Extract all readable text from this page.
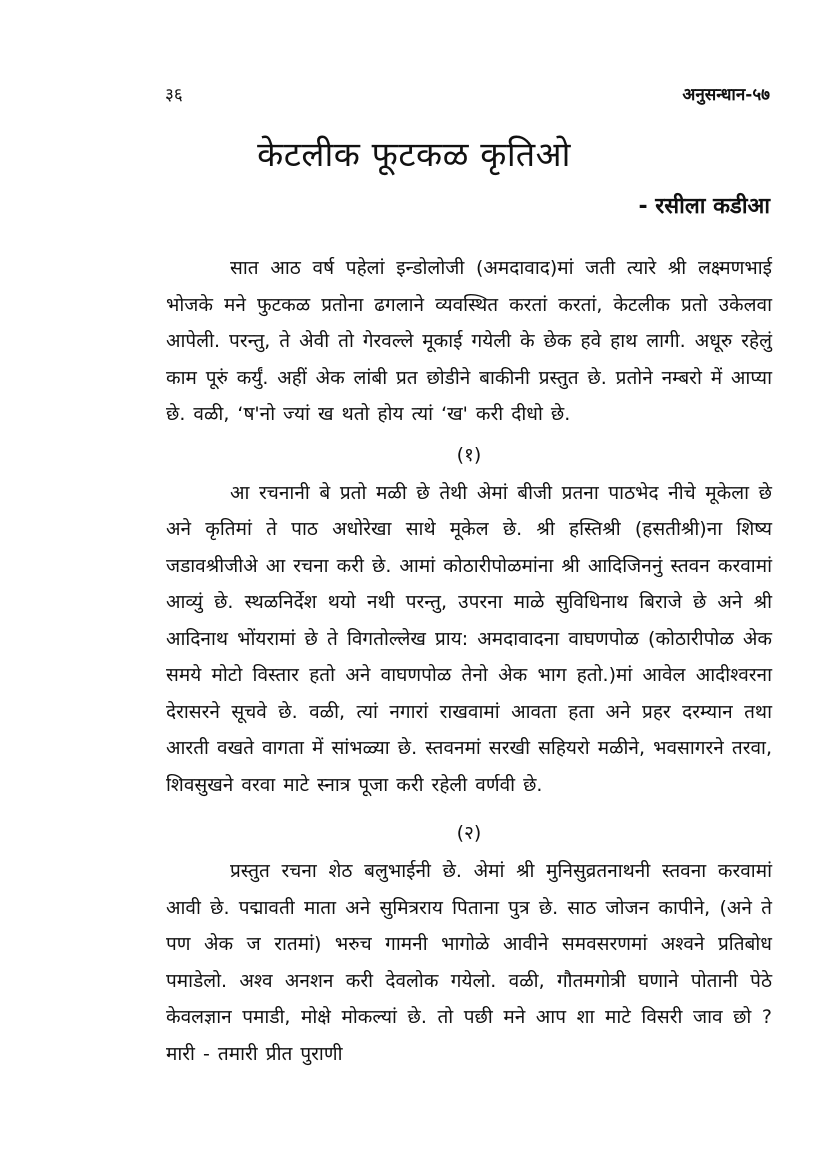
३६	अनुसन्धान-५७
केटलीक फूटकळ कृतिओ
- रसीला कडीआ

सात आठ वर्ष पहेलां इन्डोलोजी (अमदावाद)मां जती त्यारे श्री लक्ष्मणभाई भोजके मने फुटकळ प्रतोना ढगलाने व्यवस्थित करतां करतां, केटलीक प्रतो उकेलवा आपेली. परन्तु, ते अेवी तो गेरवल्ले मूकाई गयेली के छेक हवे हाथ लागी. अधूरु रहेलुं काम पूरुं कर्युं. अहीं अेक लांबी प्रत छोडीने बाकीनी प्रस्तुत छे. प्रतोने नम्बरो में आप्या छे. वळी, ‘ष'नो ज्यां ख थतो होय त्यां ‘ख' करी दीधो छे.

(१)

आ रचनानी बे प्रतो मळी छे तेथी अेमां बीजी प्रतना पाठभेद नीचे मूकेला छे अने कृतिमां ते पाठ अधोरेखा साथे मूकेल छे. श्री हस्तिश्री (हसतीश्री)ना शिष्य जडावश्रीजीअे आ रचना करी छे. आमां कोठारीपोळमांना श्री आदिजिननुं स्तवन करवामां आव्युं छे. स्थळनिर्देश थयो नथी परन्तु, उपरना माळे सुविधिनाथ बिराजे छे अने श्री आदिनाथ भोंयरामां छे ते विगतोल्लेख प्राय: अमदावादना वाघणपोळ (कोठारीपोळ अेक समये मोटो विस्तार हतो अने वाघणपोळ तेनो अेक भाग हतो.)मां आवेल आदीश्वरना देरासरने सूचवे छे. वळी, त्यां नगारां राखवामां आवता हता अने प्रहर दरम्यान तथा आरती वखते वागता में सांभळ्या छे. स्तवनमां सरखी सहियरो मळीने, भवसागरने तरवा, शिवसुखने वरवा माटे स्नात्र पूजा करी रहेली वर्णवी छे.

(२)

प्रस्तुत रचना शेठ बलुभाईनी छे. अेमां श्री मुनिसुव्रतनाथनी स्तवना करवामां आवी छे. पद्मावती माता अने सुमित्रराय पिताना पुत्र छे. साठ जोजन कापीने, (अने ते पण अेक ज रातमां) भरुच गामनी भागोळे आवीने समवसरणमां अश्वने प्रतिबोध पमाडेलो. अश्व अनशन करी देवलोक गयेलो. वळी, गौतमगोत्री घणाने पोतानी पेठे केवलज्ञान पमाडी, मोक्षे मोकल्यां छे. तो पछी मने आप शा माटे विसरी जाव छो ? मारी - तमारी प्रीत पुराणी
